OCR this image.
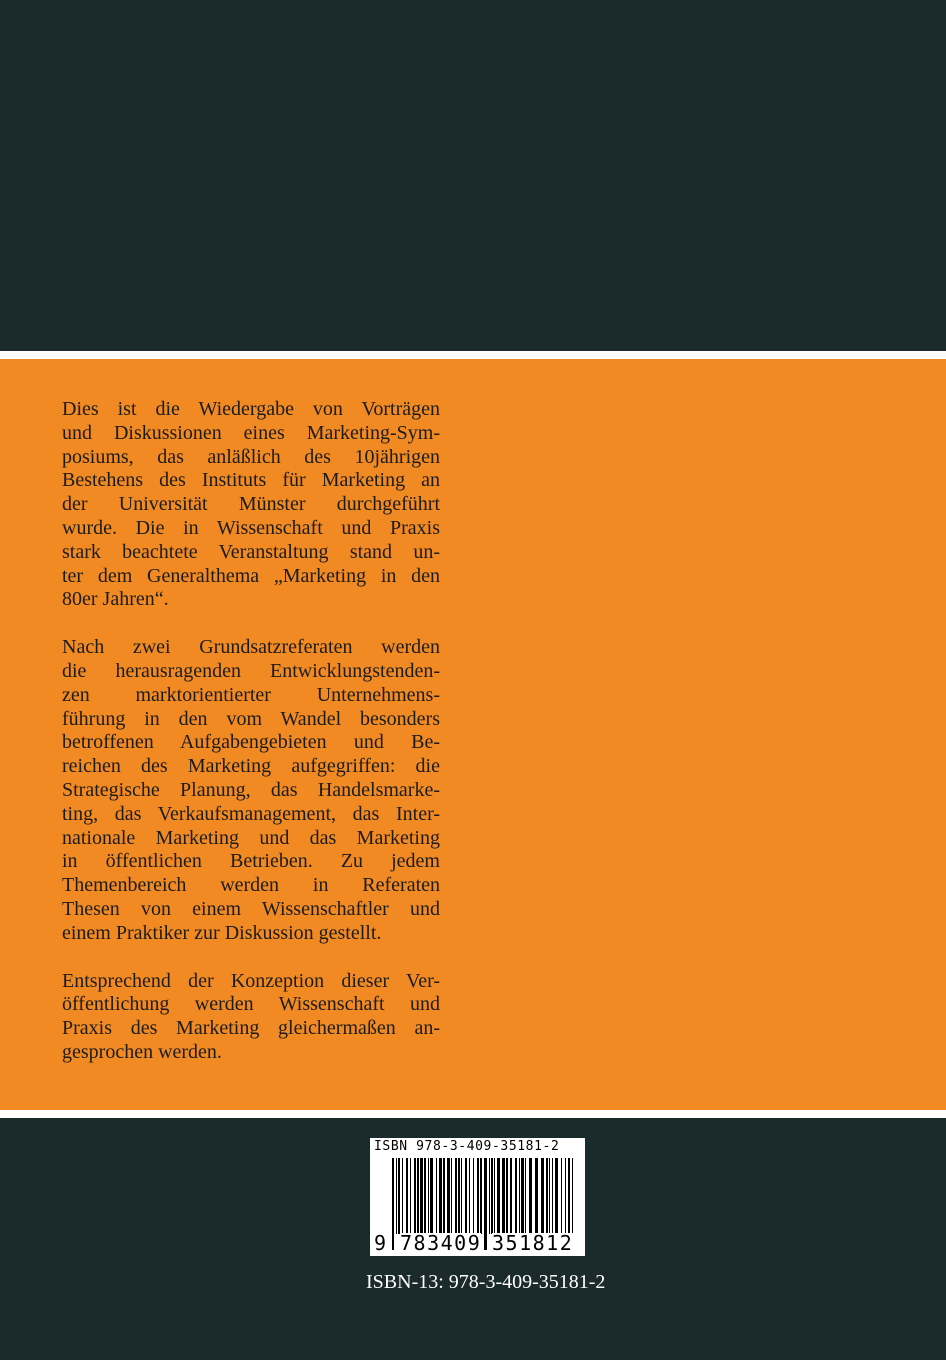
Dies ist die Wiedergabe von Vorträgen
und Diskussionen eines Marketing-Sym-
posiums, das anläßlich des 10jährigen
Bestehens des Instituts für Marketing an
der Universität Münster durchgeführt
wurde. Die in Wissenschaft und Praxis
stark beachtete Veranstaltung stand un-
ter dem Generalthema „Marketing in den
80er Jahren“.
Nach zwei Grundsatzreferaten werden
die herausragenden Entwicklungstenden-
zen marktorientierter Unternehmens-
führung in den vom Wandel besonders
betroffenen Aufgabengebieten und Be-
reichen des Marketing aufgegriffen: die
Strategische Planung, das Handelsmarke-
ting, das Verkaufsmanagement, das Inter-
nationale Marketing und das Marketing
in öffentlichen Betrieben. Zu jedem
Themenbereich werden in Referaten
Thesen von einem Wissenschaftler und
einem Praktiker zur Diskussion gestellt.
Entsprechend der Konzeption dieser Ver-
öffentlichung werden Wissenschaft und
Praxis des Marketing gleichermaßen an-
gesprochen werden.
ISBN 978-3-409-35181-2
9 783409 351812
ISBN-13: 978-3-409-35181-2
